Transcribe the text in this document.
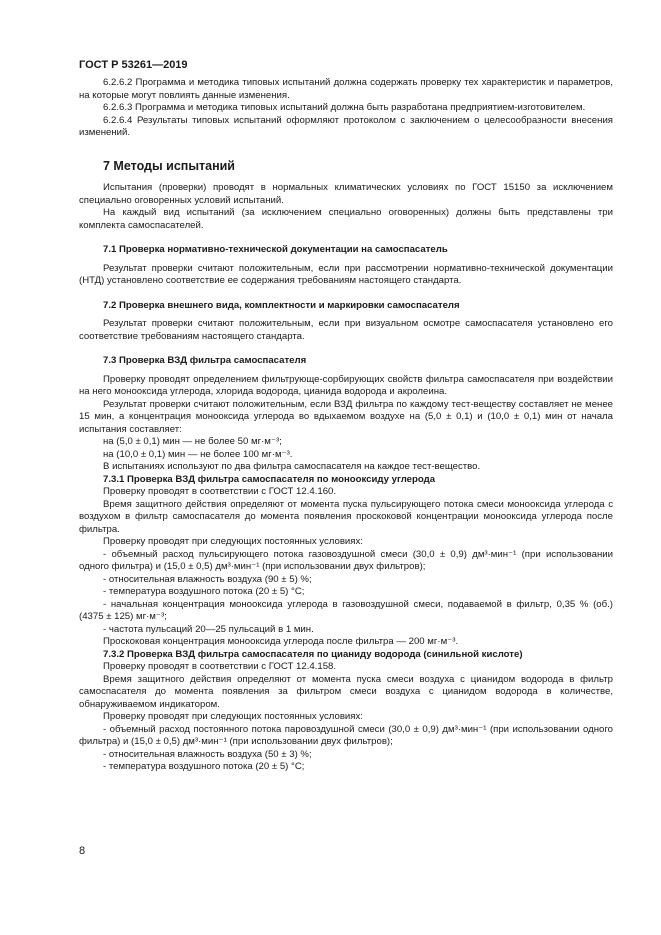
ГОСТ Р 53261—2019

6.2.6.2 Программа и методика типовых испытаний должна содержать проверку тех характеристик и параметров, на которые могут повлиять данные изменения.

6.2.6.3 Программа и методика типовых испытаний должна быть разработана предприятием-изготовителем.

6.2.6.4 Результаты типовых испытаний оформляют протоколом с заключением о целесообразности внесения изменений.

7 Методы испытаний

Испытания (проверки) проводят в нормальных климатических условиях по ГОСТ 15150 за исключением специально оговоренных условий испытаний.

На каждый вид испытаний (за исключением специально оговоренных) должны быть представлены три комплекта самоспасателей.

7.1 Проверка нормативно-технической документации на самоспасатель

Результат проверки считают положительным, если при рассмотрении нормативно-технической документации (НТД) установлено соответствие ее содержания требованиям настоящего стандарта.

7.2 Проверка внешнего вида, комплектности и маркировки самоспасателя

Результат проверки считают положительным, если при визуальном осмотре самоспасателя установлено его соответствие требованиям настоящего стандарта.

7.3 Проверка ВЗД фильтра самоспасателя

Проверку проводят определением фильтрующе-сорбирующих свойств фильтра самоспасателя при воздействии на него монооксида углерода, хлорида водорода, цианида водорода и акролеина.

Результат проверки считают положительным, если ВЗД фильтра по каждому тест-веществу составляет не менее 15 мин, а концентрация монооксида углерода во вдыхаемом воздухе на (5,0 ± 0,1) и (10,0 ± 0,1) мин от начала испытания составляет:

на (5,0 ± 0,1) мин — не более 50 мг·м⁻³;

на (10,0 ± 0,1) мин — не более 100 мг·м⁻³.

В испытаниях используют по два фильтра самоспасателя на каждое тест-вещество.

7.3.1 Проверка ВЗД фильтра самоспасателя по монооксиду углерода

Проверку проводят в соответствии с ГОСТ 12.4.160.

Время защитного действия определяют от момента пуска пульсирующего потока смеси монооксида углерода с воздухом в фильтр самоспасателя до момента появления проскоковой концентрации монооксида углерода после фильтра.

Проверку проводят при следующих постоянных условиях:

- объемный расход пульсирующего потока газовоздушной смеси (30,0 ± 0,9) дм³·мин⁻¹ (при использовании одного фильтра) и (15,0 ± 0,5) дм³·мин⁻¹ (при использовании двух фильтров);
- относительная влажность воздуха (90 ± 5) %;
- температура воздушного потока (20 ± 5) °С;
- начальная концентрация монооксида углерода в газовоздушной смеси, подаваемой в фильтр, 0,35 % (об.) (4375 ± 125) мг·м⁻³;
- частота пульсаций 20—25 пульсаций в 1 мин.

Проскоковая концентрация монооксида углерода после фильтра — 200 мг·м⁻³.

7.3.2 Проверка ВЗД фильтра самоспасателя по цианиду водорода (синильной кислоте)

Проверку проводят в соответствии с ГОСТ 12.4.158.

Время защитного действия определяют от момента пуска смеси воздуха с цианидом водорода в фильтр самоспасателя до момента появления за фильтром смеси воздуха с цианидом водорода в количестве, обнаруживаемом индикатором.

Проверку проводят при следующих постоянных условиях:

- объемный расход постоянного потока паровоздушной смеси (30,0 ± 0,9) дм³·мин⁻¹ (при использовании одного фильтра) и (15,0 ± 0,5) дм³·мин⁻¹ (при использовании двух фильтров);
- относительная влажность воздуха (50 ± 3) %;
- температура воздушного потока (20 ± 5) °С;
8
